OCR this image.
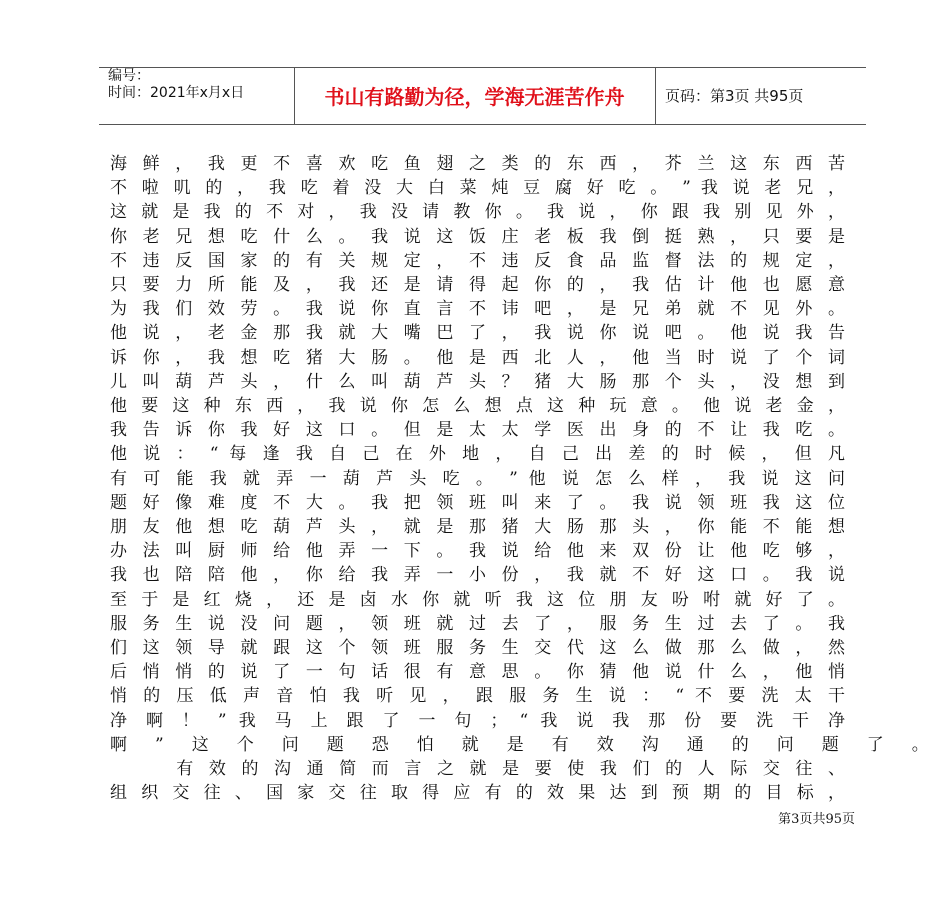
编号：
时间：2021年x月x日	书山有路勤为径，学海无涯苦作舟	页码：第3页 共95页
海 鲜 ， 我 更 不 喜 欢 吃 鱼 翅 之 类 的 东 西 ， 芥 兰 这 东 西 苦
不 啦 叽 的 ， 我 吃 着 没 大 白 菜 炖 豆 腐 好 吃 。 ” 我 说 老 兄 ，
这 就 是 我 的 不 对 ， 我 没 请 教 你 。 我 说 ， 你 跟 我 别 见 外 ，
你 老 兄 想 吃 什 么 。 我 说 这 饭 庄 老 板 我 倒 挺 熟 ， 只 要 是
不 违 反 国 家 的 有 关 规 定 ， 不 违 反 食 品 监 督 法 的 规 定 ，
只 要 力 所 能 及 ， 我 还 是 请 得 起 你 的 ， 我 估 计 他 也 愿 意
为 我 们 效 劳 。 我 说 你 直 言 不 讳 吧 ， 是 兄 弟 就 不 见 外 。
他 说 ， 老 金 那 我 就 大 嘴 巴 了 ， 我 说 你 说 吧 。 他 说 我 告
诉 你 ， 我 想 吃 猪 大 肠 。 他 是 西 北 人 ， 他 当 时 说 了 个 词
儿 叫 葫 芦 头 ， 什 么 叫 葫 芦 头 ？ 猪 大 肠 那 个 头 ， 没 想 到
他 要 这 种 东 西 ， 我 说 你 怎 么 想 点 这 种 玩 意 。 他 说 老 金 ，
我 告 诉 你 我 好 这 口 。 但 是 太 太 学 医 出 身 的 不 让 我 吃 。
他 说 ： “ 每 逢 我 自 己 在 外 地 ， 自 己 出 差 的 时 候 ， 但 凡
有 可 能 我 就 弄 一 葫 芦 头 吃 。 ” 他 说 怎 么 样 ， 我 说 这 问
题 好 像 难 度 不 大 。 我 把 领 班 叫 来 了 。 我 说 领 班 我 这 位
朋 友 他 想 吃 葫 芦 头 ， 就 是 那 猪 大 肠 那 头 ， 你 能 不 能 想
办 法 叫 厨 师 给 他 弄 一 下 。 我 说 给 他 来 双 份 让 他 吃 够 ，
我 也 陪 陪 他 ， 你 给 我 弄 一 小 份 ， 我 就 不 好 这 口 。 我 说
至 于 是 红 烧 ， 还 是 卤 水 你 就 听 我 这 位 朋 友 吩 咐 就 好 了 。
服 务 生 说 没 问 题 ， 领 班 就 过 去 了 ， 服 务 生 过 去 了 。 我
们 这 领 导 就 跟 这 个 领 班 服 务 生 交 代 这 么 做 那 么 做 ， 然
后 悄 悄 的 说 了 一 句 话 很 有 意 思 。 你 猜 他 说 什 么 ， 他 悄
悄 的 压 低 声 音 怕 我 听 见 ， 跟 服 务 生 说 ： “ 不 要 洗 太 干
净 啊 ！ ” 我 马 上 跟 了 一 句 ； “ 我 说 我 那 份 要 洗 干 净
啊 ” 这 个 问 题 恐 怕 就 是 有 效 沟 通 的 问 题 了 。
　　　有 效 的 沟 通 简 而 言 之 就 是 要 使 我 们 的 人 际 交 往 、
组 织 交 往 、 国 家 交 往 取 得 应 有 的 效 果 达 到 预 期 的 目 标 ，
第3页共95页
